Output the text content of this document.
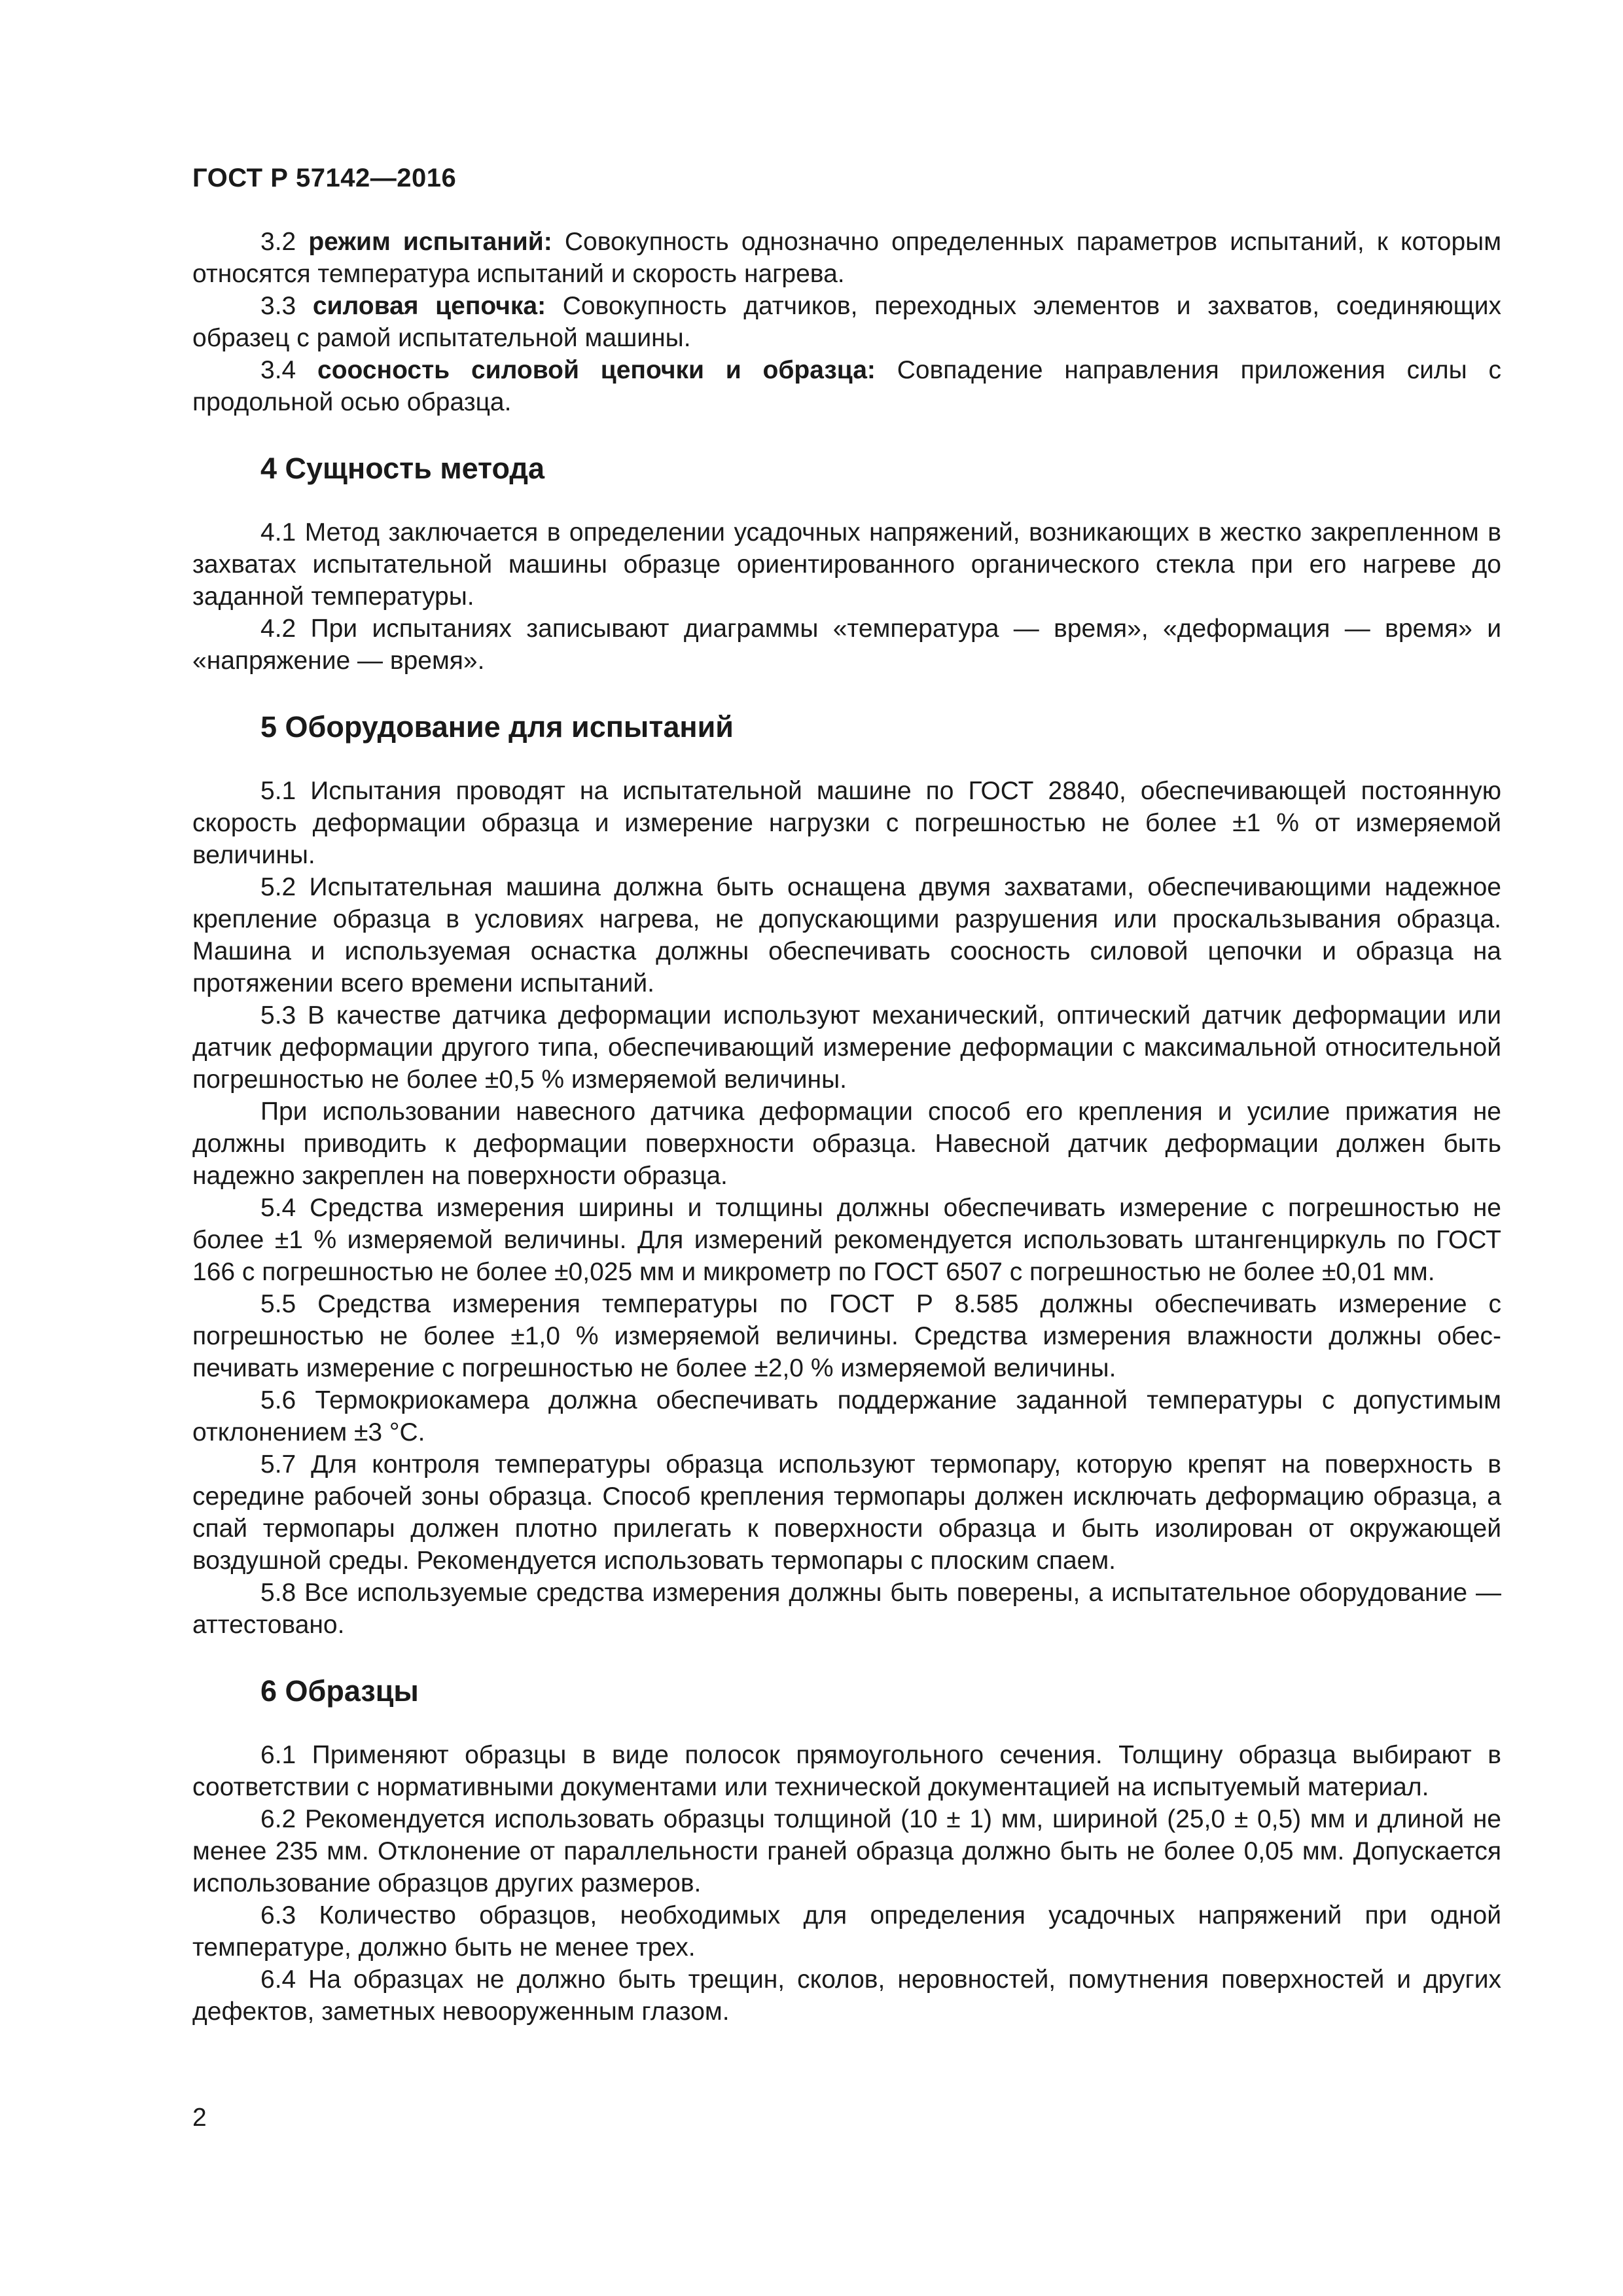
ГОСТ Р 57142—2016

3.2 режим испытаний: Совокупность однозначно определенных параметров испытаний, к которым относятся температура испытаний и скорость нагрева.

3.3 силовая цепочка: Совокупность датчиков, переходных элементов и захватов, соединяющих образец с рамой испытательной машины.

3.4 соосность силовой цепочки и образца: Совпадение направления приложения силы с продольной осью образца.

4 Сущность метода

4.1 Метод заключается в определении усадочных напряжений, возникающих в жестко закрепленном в захватах испытательной машины образце ориентированного органического стекла при его нагреве до заданной температуры.

4.2 При испытаниях записывают диаграммы «температура — время», «деформация — время» и «напряжение — время».

5 Оборудование для испытаний

5.1 Испытания проводят на испытательной машине по ГОСТ 28840, обеспечивающей постоянную скорость деформации образца и измерение нагрузки с погрешностью не более ±1 % от измеряемой величины.

5.2 Испытательная машина должна быть оснащена двумя захватами, обеспечивающими надежное крепление образца в условиях нагрева, не допускающими разрушения или проскальзывания образца. Машина и используемая оснастка должны обеспечивать соосность силовой цепочки и образца на протяжении всего времени испытаний.

5.3 В качестве датчика деформации используют механический, оптический датчик деформации или датчик деформации другого типа, обеспечивающий измерение деформации с максимальной относительной погрешностью не более ±0,5 % измеряемой величины.

При использовании навесного датчика деформации способ его крепления и усилие прижатия не должны приводить к деформации поверхности образца. Навесной датчик деформации должен быть надежно закреплен на поверхности образца.

5.4 Средства измерения ширины и толщины должны обеспечивать измерение с погрешностью не более ±1 % измеряемой величины. Для измерений рекомендуется использовать штангенциркуль по ГОСТ 166 с погрешностью не более ±0,025 мм и микрометр по ГОСТ 6507 с погрешностью не более ±0,01 мм.

5.5 Средства измерения температуры по ГОСТ Р 8.585 должны обеспечивать измерение с погрешностью не более ±1,0 % измеряемой величины. Средства измерения влажности должны обеспечивать измерение с погрешностью не более ±2,0 % измеряемой величины.

5.6 Термокриокамера должна обеспечивать поддержание заданной температуры с допустимым отклонением ±3 °С.

5.7 Для контроля температуры образца используют термопару, которую крепят на поверхность в середине рабочей зоны образца. Способ крепления термопары должен исключать деформацию образца, а спай термопары должен плотно прилегать к поверхности образца и быть изолирован от окружающей воздушной среды. Рекомендуется использовать термопары с плоским спаем.

5.8 Все используемые средства измерения должны быть поверены, а испытательное оборудование — аттестовано.

6 Образцы

6.1 Применяют образцы в виде полосок прямоугольного сечения. Толщину образца выбирают в соответствии с нормативными документами или технической документацией на испытуемый материал.

6.2 Рекомендуется использовать образцы толщиной (10 ± 1) мм, шириной (25,0 ± 0,5) мм и длиной не менее 235 мм. Отклонение от параллельности граней образца должно быть не более 0,05 мм. Допускается использование образцов других размеров.

6.3 Количество образцов, необходимых для определения усадочных напряжений при одной температуре, должно быть не менее трех.

6.4 На образцах не должно быть трещин, сколов, неровностей, помутнения поверхностей и других дефектов, заметных невооруженным глазом.

2
